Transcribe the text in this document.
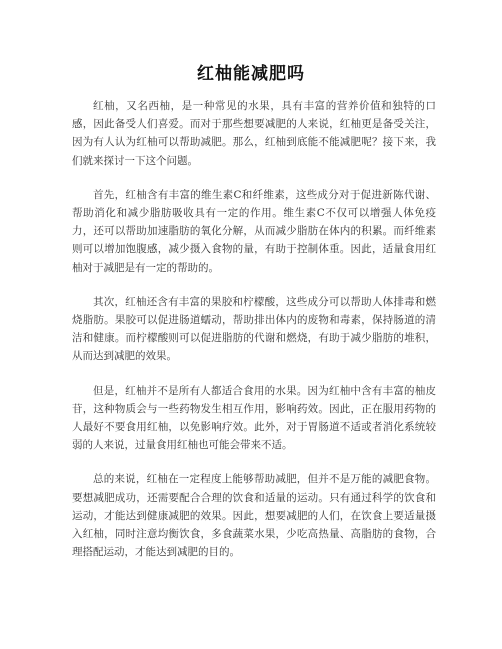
红柚能减肥吗

红柚，又名西柚，是一种常见的水果，具有丰富的营养价值和独特的口感，因此备受人们喜爱。而对于那些想要减肥的人来说，红柚更是备受关注，因为有人认为红柚可以帮助减肥。那么，红柚到底能不能减肥呢？接下来，我们就来探讨一下这个问题。

首先，红柚含有丰富的维生素C和纤维素，这些成分对于促进新陈代谢、帮助消化和减少脂肪吸收具有一定的作用。维生素C不仅可以增强人体免疫力，还可以帮助加速脂肪的氧化分解，从而减少脂肪在体内的积累。而纤维素则可以增加饱腹感，减少摄入食物的量，有助于控制体重。因此，适量食用红柚对于减肥是有一定的帮助的。

其次，红柚还含有丰富的果胶和柠檬酸，这些成分可以帮助人体排毒和燃烧脂肪。果胶可以促进肠道蠕动，帮助排出体内的废物和毒素，保持肠道的清洁和健康。而柠檬酸则可以促进脂肪的代谢和燃烧，有助于减少脂肪的堆积，从而达到减肥的效果。

但是，红柚并不是所有人都适合食用的水果。因为红柚中含有丰富的柚皮苷，这种物质会与一些药物发生相互作用，影响药效。因此，正在服用药物的人最好不要食用红柚，以免影响疗效。此外，对于胃肠道不适或者消化系统较弱的人来说，过量食用红柚也可能会带来不适。

总的来说，红柚在一定程度上能够帮助减肥，但并不是万能的减肥食物。要想减肥成功，还需要配合合理的饮食和适量的运动。只有通过科学的饮食和运动，才能达到健康减肥的效果。因此，想要减肥的人们，在饮食上要适量摄入红柚，同时注意均衡饮食，多食蔬菜水果，少吃高热量、高脂肪的食物，合理搭配运动，才能达到减肥的目的。
